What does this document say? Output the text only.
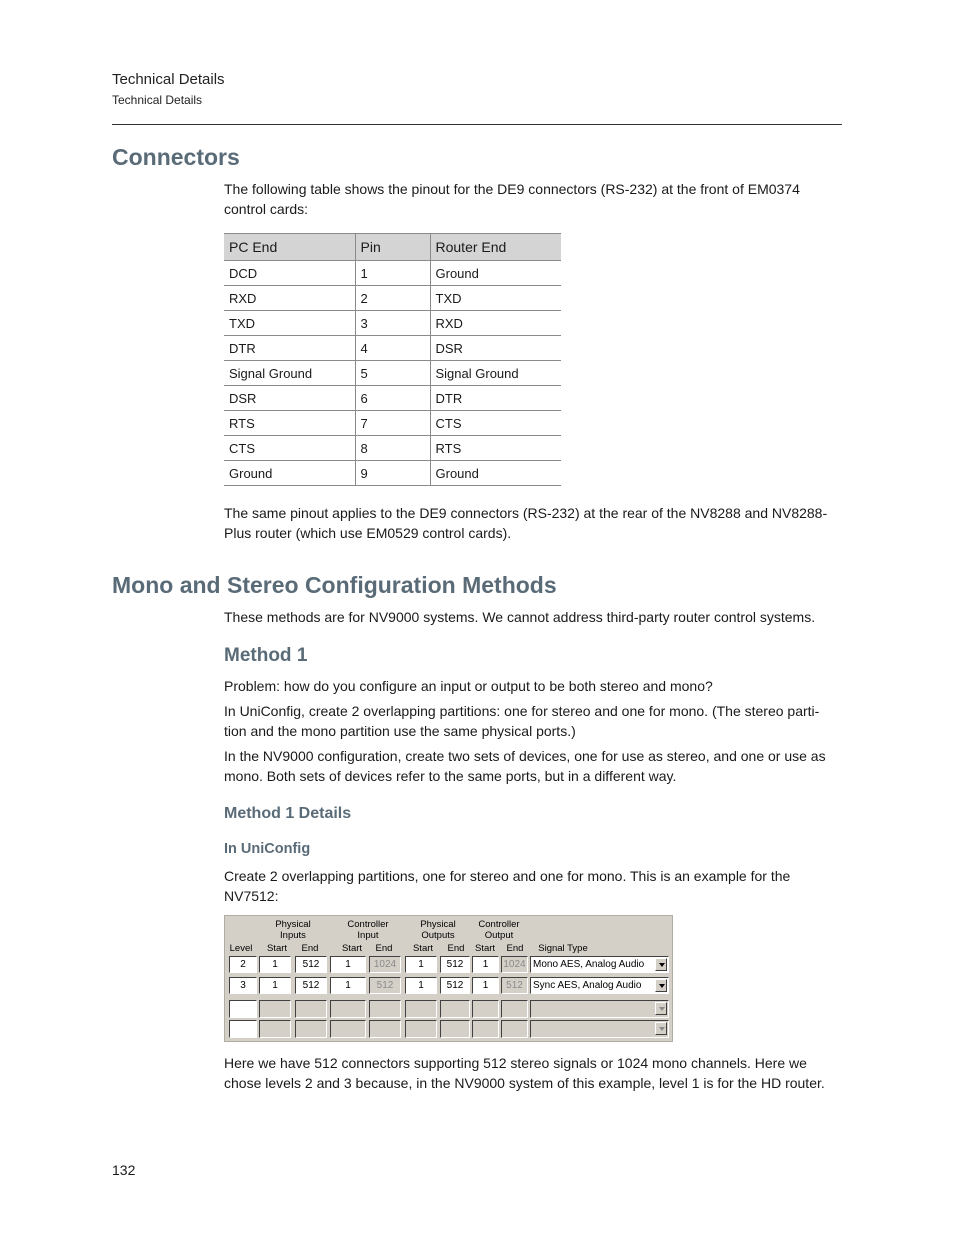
Technical Details
Technical Details
Connectors
The following table shows the pinout for the DE9 connectors (RS-232) at the front of EM0374
control cards:
PC End	Pin	Router End
DCD	1	Ground
RXD	2	TXD
TXD	3	RXD
DTR	4	DSR
Signal Ground	5	Signal Ground
DSR	6	DTR
RTS	7	CTS
CTS	8	RTS
Ground	9	Ground
The same pinout applies to the DE9 connectors (RS-232) at the rear of the NV8288 and NV8288-
Plus router (which use EM0529 control cards).
Mono and Stereo Configuration Methods
These methods are for NV9000 systems. We cannot address third-party router control systems.
Method 1
Problem: how do you configure an input or output to be both stereo and mono?
In UniConfig, create 2 overlapping partitions: one for stereo and one for mono. (The stereo parti-
tion and the mono partition use the same physical ports.)
In the NV9000 configuration, create two sets of devices, one for use as stereo, and one or use as
mono. Both sets of devices refer to the same ports, but in a different way.
Method 1 Details
In UniConfig
Create 2 overlapping partitions, one for stereo and one for mono. This is an example for the
NV7512:
Physical
Inputs
Controller
Input
Physical
Outputs
Controller
Output
Level	Start	End	Start	End	Start	End	Start	End	Signal Type
2	1	512	1	1024	1	512	1	1024 Mono AES, Analog Audio
3	1	512	1	512	1	512	1	512	Sync AES, Analog Audio
Here we have 512 connectors supporting 512 stereo signals or 1024 mono channels. Here we
chose levels 2 and 3 because, in the NV9000 system of this example, level 1 is for the HD router.
132
